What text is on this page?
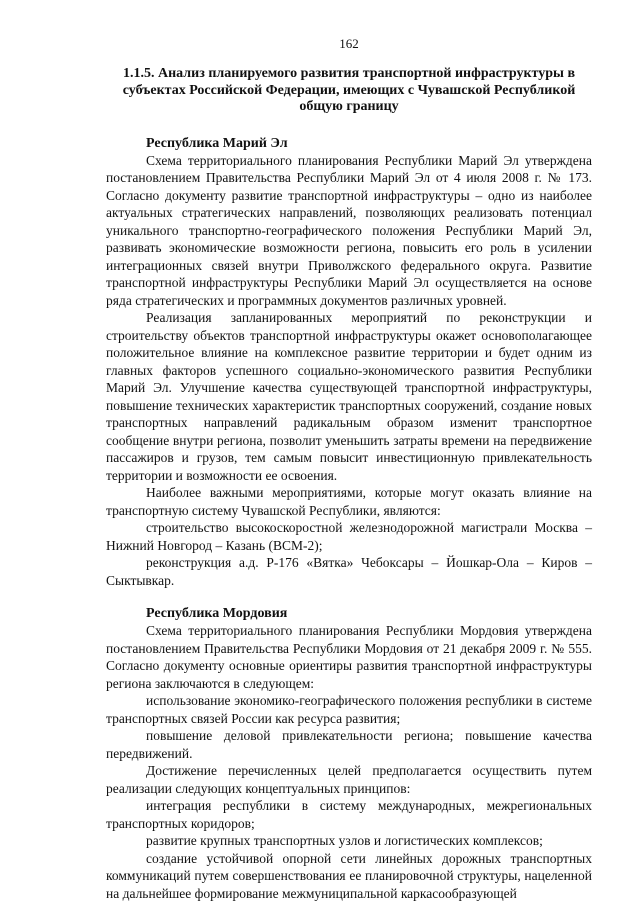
162
1.1.5. Анализ планируемого развития транспортной инфраструктуры в субъектах Российской Федерации, имеющих с Чувашской Республикой общую границу
Республика Марий Эл

Схема территориального планирования Республики Марий Эл утверждена постановлением Правительства Республики Марий Эл от 4 июля 2008 г. № 173. Согласно документу развитие транспортной инфраструктуры – одно из наиболее актуальных стратегических направлений, позволяющих реализовать потенциал уникального транспортно-географического положения Республики Марий Эл, развивать экономические возможности региона, повысить его роль в усилении интеграционных связей внутри Приволжского федерального округа. Развитие транспортной инфраструктуры Республики Марий Эл осуществляется на основе ряда стратегических и программных документов различных уровней.

Реализация запланированных мероприятий по реконструкции и строительству объектов транспортной инфраструктуры окажет основополагающее положительное влияние на комплексное развитие территории и будет одним из главных факторов успешного социально-экономического развития Республики Марий Эл. Улучшение качества существующей транспортной инфраструктуры, повышение технических характеристик транспортных сооружений, создание новых транспортных направлений радикальным образом изменит транспортное сообщение внутри региона, позволит уменьшить затраты времени на передвижение пассажиров и грузов, тем самым повысит инвестиционную привлекательность территории и возможности ее освоения.

Наиболее важными мероприятиями, которые могут оказать влияние на транспортную систему Чувашской Республики, являются:

строительство высокоскоростной железнодорожной магистрали Москва – Нижний Новгород – Казань (ВСМ-2);

реконструкция а.д. Р-176 «Вятка» Чебоксары – Йошкар-Ола – Киров – Сыктывкар.

Республика Мордовия

Схема территориального планирования Республики Мордовия утверждена постановлением Правительства Республики Мордовия от 21 декабря 2009 г. № 555. Согласно документу основные ориентиры развития транспортной инфраструктуры региона заключаются в следующем:

использование экономико-географического положения республики в системе транспортных связей России как ресурса развития;

повышение деловой привлекательности региона; повышение качества передвижений.

Достижение перечисленных целей предполагается осуществить путем реализации следующих концептуальных принципов:

интеграция республики в систему международных, межрегиональных транспортных коридоров;

развитие крупных транспортных узлов и логистических комплексов;

создание устойчивой опорной сети линейных дорожных транспортных коммуникаций путем совершенствования ее планировочной структуры, нацеленной на дальнейшее формирование межмуниципальной каркасообразующей
